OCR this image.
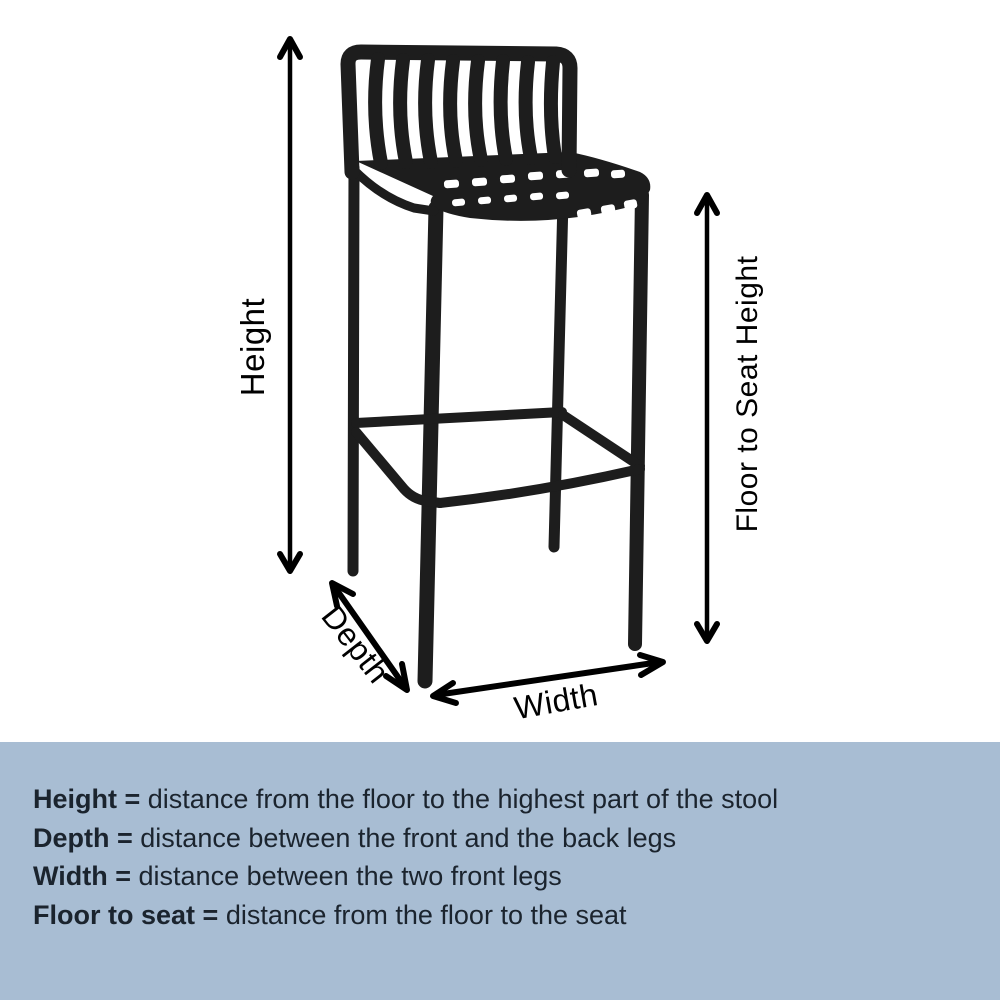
Height	Floor to Seat Height
Depth
Width

Height = distance from the floor to the highest part of the stool

Depth = distance between the front and the back legs

Width = distance between the two front legs

Floor to seat = distance from the floor to the seat
